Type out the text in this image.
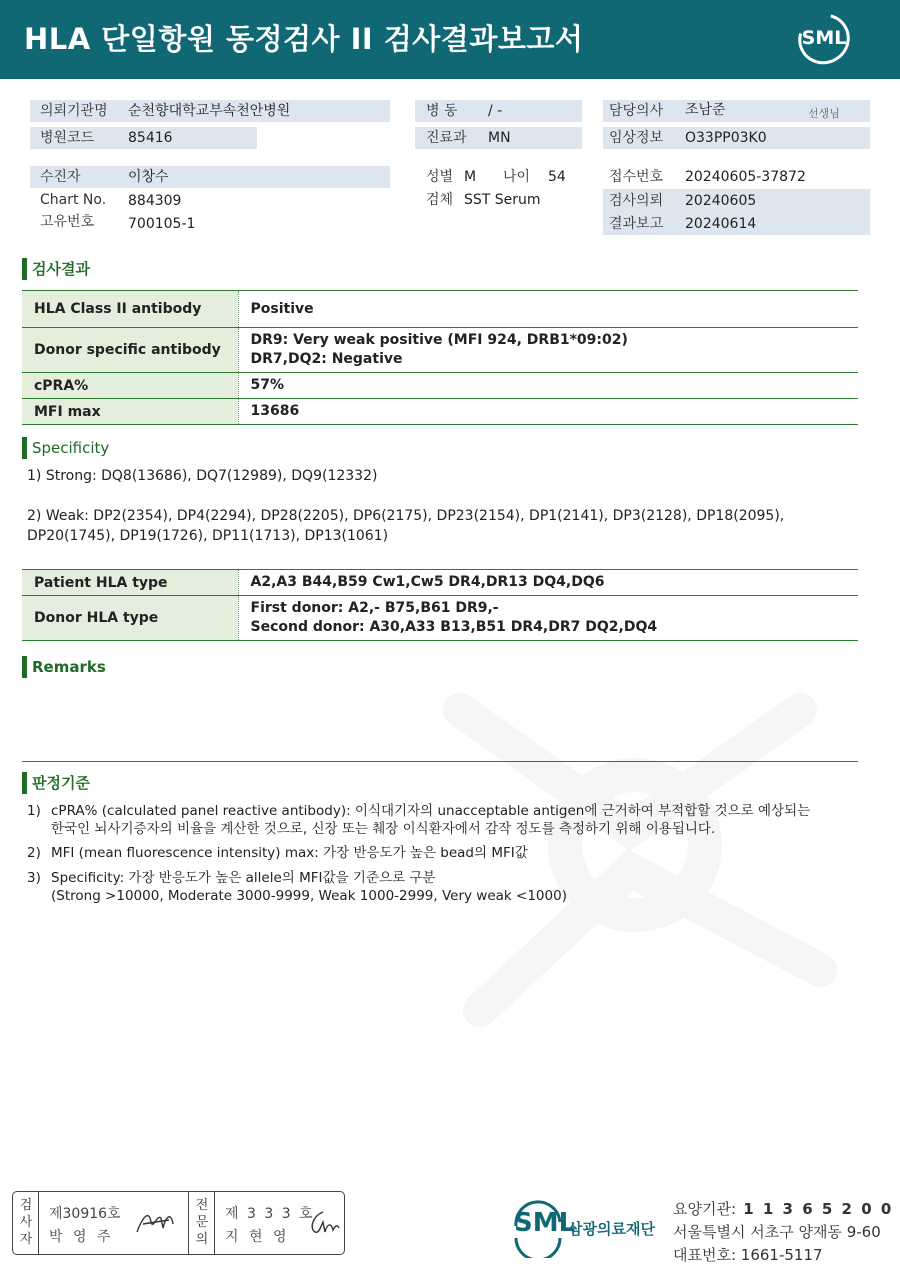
HLA 단일항원 동정검사 II 검사결과보고서	SML
의뢰기관명 순천향대학교부속천안병원
병원코드 85416
병 동 / -
진료과 MN
담당의사 조남준	선생님
임상정보 O33PP03K0
수진자	이창수
Chart No. 884309
고유번호 700105-1
성별 M 나이 54
검체 SST Serum
접수번호 20240605-37872
검사의뢰 20240605
결과보고 20240614
검사결과
HLA Class II antibody	Positive

Donor specific antibody	DR9: Very weak positive (MFI 924, DRB1*09:02)
DR7,DQ2: Negative

cPRA%	57%

MFI max	13686
Specificity
1) Strong: DQ8(13686), DQ7(12989), DQ9(12332)
2) Weak: DP2(2354), DP4(2294), DP28(2205), DP6(2175), DP23(2154), DP1(2141), DP3(2128), DP18(2095),
DP20(1745), DP19(1726), DP11(1713), DP13(1061)
Patient HLA type	A2,A3 B44,B59 Cw1,Cw5 DR4,DR13 DQ4,DQ6

Donor HLA type	First donor: A2,- B75,B61 DR9,-
Second donor: A30,A33 B13,B51 DR4,DR7 DQ2,DQ4
Remarks
판정기준
1) cPRA% (calculated panel reactive antibody): 이식대기자의 unacceptable antigen에 근거하여 부적합할 것으로 예상되는
한국인 뇌사기증자의 비율을 계산한 것으로, 신장 또는 췌장 이식환자에서 감작 정도를 측정하기 위해 이용됩니다.
2) MFI (mean fluorescence intensity) max: 가장 반응도가 높은 bead의 MFI값
3) Specificity: 가장 반응도가 높은 allele의 MFI값을 기준으로 구분
(Strong >10000, Moderate 3000-9999, Weak 1000-2999, Very weak <1000)
검
사
자
제30916호
박 영 주
전
문
의
제 3 3 3 호
지 현 영	SML
삼광의료재단
요양기관: 1 1 3 6 5 2 0 0
서울특별시 서초구 양재동 9-60
대표번호: 1661-5117
